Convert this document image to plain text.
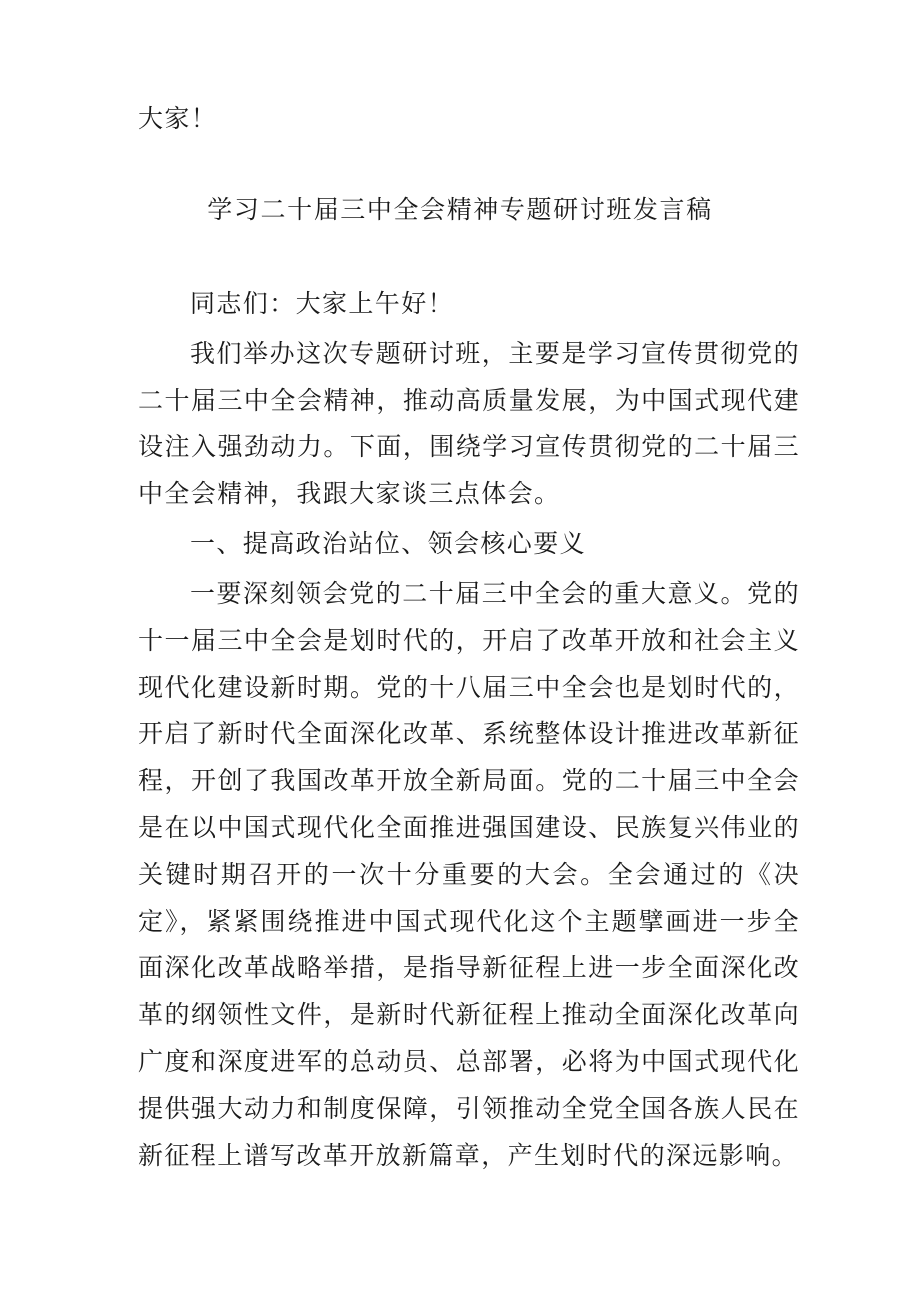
大家！

学习二十届三中全会精神专题研讨班发言稿

同志们：大家上午好！

我们举办这次专题研讨班，主要是学习宣传贯彻党的二十届三中全会精神，推动高质量发展，为中国式现代建设注入强劲动力。下面，围绕学习宣传贯彻党的二十届三中全会精神，我跟大家谈三点体会。

一、提高政治站位、领会核心要义

一要深刻领会党的二十届三中全会的重大意义。党的十一届三中全会是划时代的，开启了改革开放和社会主义现代化建设新时期。党的十八届三中全会也是划时代的，开启了新时代全面深化改革、系统整体设计推进改革新征程，开创了我国改革开放全新局面。党的二十届三中全会是在以中国式现代化全面推进强国建设、民族复兴伟业的关键时期召开的一次十分重要的大会。全会通过的《决定》，紧紧围绕推进中国式现代化这个主题擘画进一步全面深化改革战略举措，是指导新征程上进一步全面深化改革的纲领性文件，是新时代新征程上推动全面深化改革向广度和深度进军的总动员、总部署，必将为中国式现代化提供强大动力和制度保障，引领推动全党全国各族人民在新征程上谱写改革开放新篇章，产生划时代的深远影响。
